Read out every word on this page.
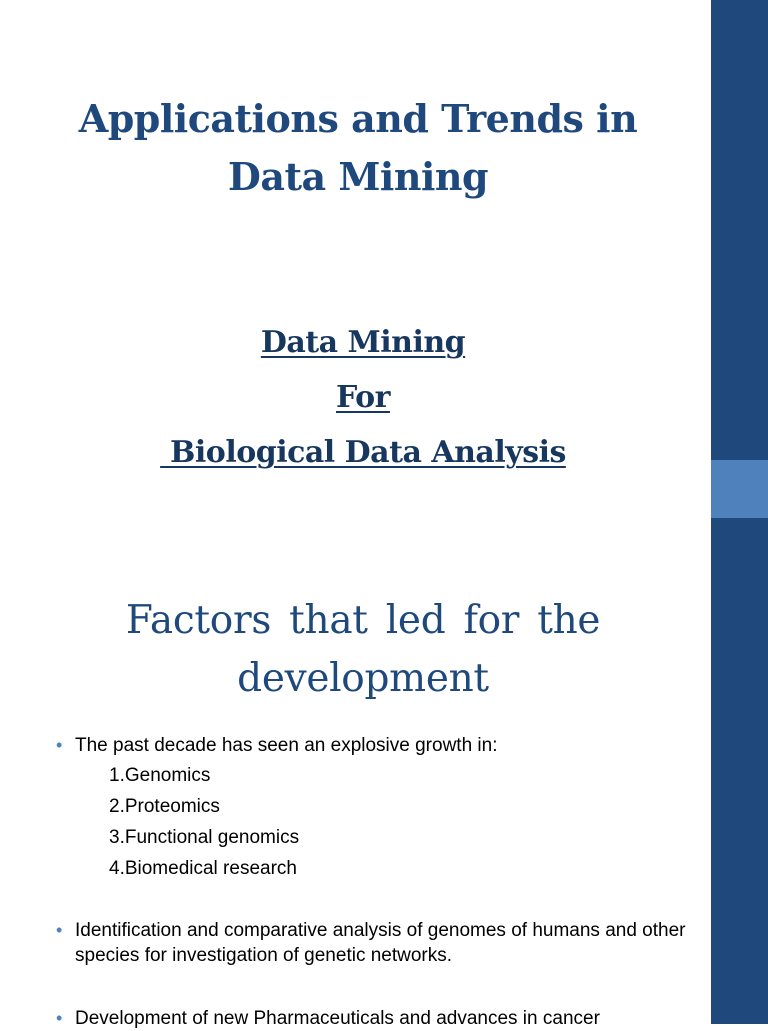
Applications and Trends in
Data Mining
Data Mining
For
Biological Data Analysis
Factors that led for the
development
• The past decade has seen an explosive growth in:
1.Genomics
2.Proteomics
3.Functional genomics
4.Biomedical research
• Identification and comparative analysis of genomes of humans and other species for investigation of genetic networks.
• Development of new Pharmaceuticals and advances in cancer
